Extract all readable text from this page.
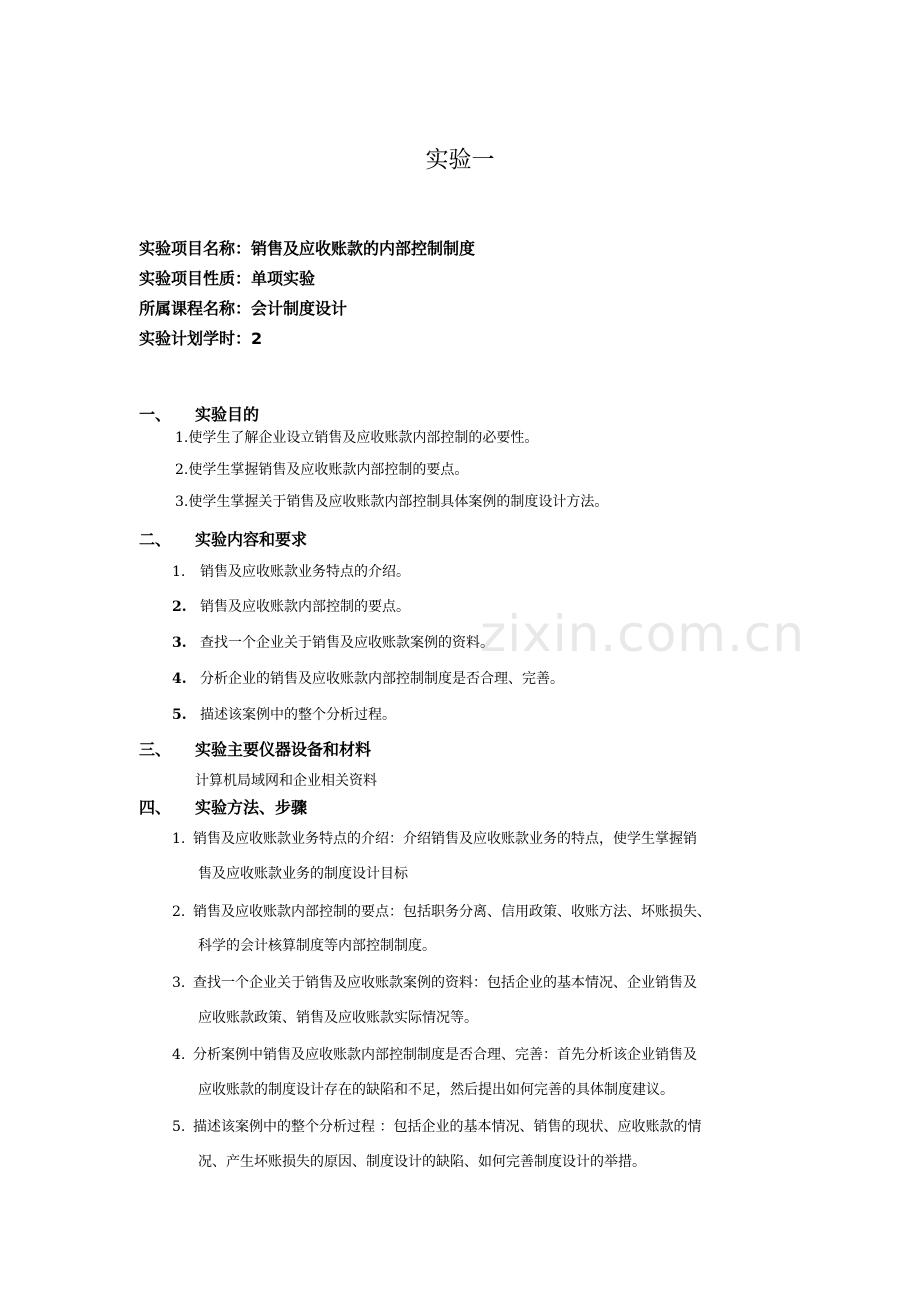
zixin.com.cn
实验一
实验项目名称：销售及应收账款的内部控制制度
实验项目性质：单项实验
所属课程名称：会计制度设计
实验计划学时：2
一、 实验目的
1.使学生了解企业设立销售及应收账款内部控制的必要性。
2.使学生掌握销售及应收账款内部控制的要点。
3.使学生掌握关于销售及应收账款内部控制具体案例的制度设计方法。
二、 实验内容和要求
1. 销售及应收账款业务特点的介绍。
2. 销售及应收账款内部控制的要点。
3. 查找一个企业关于销售及应收账款案例的资料。
4. 分析企业的销售及应收账款内部控制制度是否合理、完善。
5. 描述该案例中的整个分析过程。
三、 实验主要仪器设备和材料
计算机局域网和企业相关资料
四、 实验方法、步骤
1. 销售及应收账款业务特点的介绍：介绍销售及应收账款业务的特点，使学生掌握销
售及应收账款业务的制度设计目标
2. 销售及应收账款内部控制的要点：包括职务分离、信用政策、收账方法、坏账损失、
科学的会计核算制度等内部控制制度。
3. 查找一个企业关于销售及应收账款案例的资料：包括企业的基本情况、企业销售及
应收账款政策、销售及应收账款实际情况等。
4. 分析案例中销售及应收账款内部控制制度是否合理、完善：首先分析该企业销售及
应收账款的制度设计存在的缺陷和不足，然后提出如何完善的具体制度建议。
5. 描述该案例中的整个分析过程 ：包括企业的基本情况、销售的现状、应收账款的情
况、产生坏账损失的原因、制度设计的缺陷、如何完善制度设计的举措。
